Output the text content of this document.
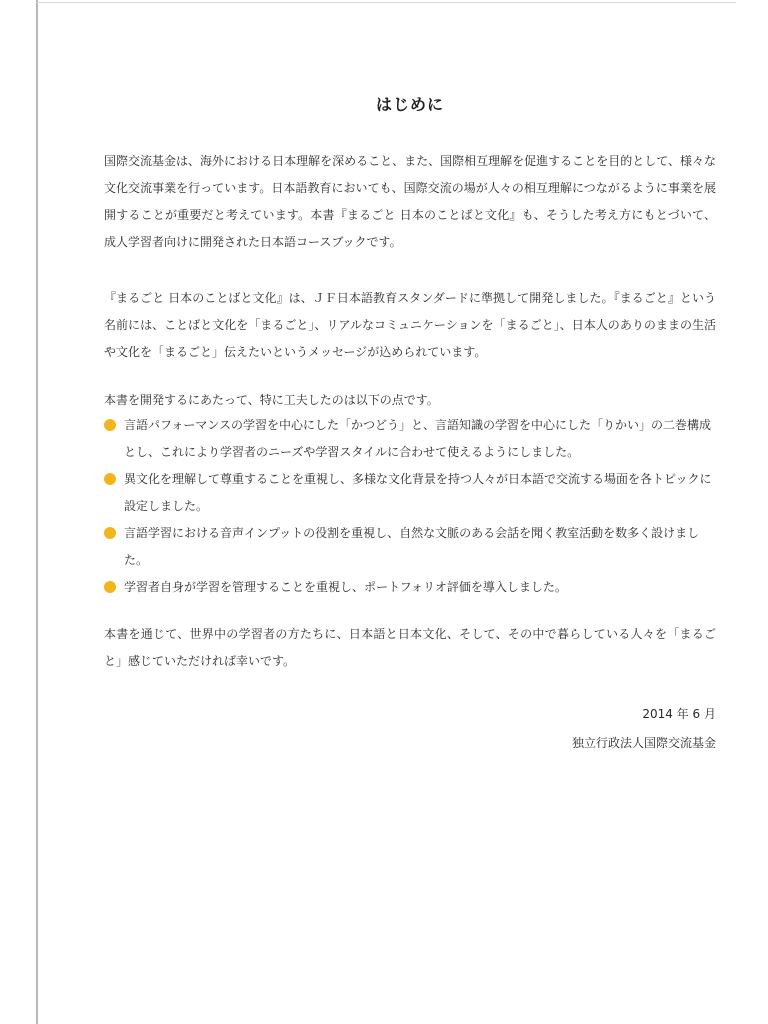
はじめに

国際交流基金は、海外における日本理解を深めること、また、国際相互理解を促進することを目的として、様々な文化交流事業を行っています。日本語教育においても、国際交流の場が人々の相互理解につながるように事業を展開することが重要だと考えています。本書『まるごと 日本のことばと文化』も、そうした考え方にもとづいて、成人学習者向けに開発された日本語コースブックです。

『まるごと 日本のことばと文化』は、ＪＦ日本語教育スタンダードに準拠して開発しました。『まるごと』という名前には、ことばと文化を「まるごと」、リアルなコミュニケーションを「まるごと」、日本人のありのままの生活や文化を「まるごと」伝えたいというメッセージが込められています。

本書を開発するにあたって、特に工夫したのは以下の点です。

言語パフォーマンスの学習を中心にした「かつどう」と、言語知識の学習を中心にした「りかい」の二巻構成とし、これにより学習者のニーズや学習スタイルに合わせて使えるようにしました。
異文化を理解して尊重することを重視し、多様な文化背景を持つ人々が日本語で交流する場面を各トピックに設定しました。
言語学習における音声インプットの役割を重視し、自然な文脈のある会話を聞く教室活動を数多く設けました。
学習者自身が学習を管理することを重視し、ポートフォリオ評価を導入しました。

本書を通じて、世界中の学習者の方たちに、日本語と日本文化、そして、その中で暮らしている人々を「まるごと」感じていただければ幸いです。

2014 年 6 月

独立行政法人国際交流基金
